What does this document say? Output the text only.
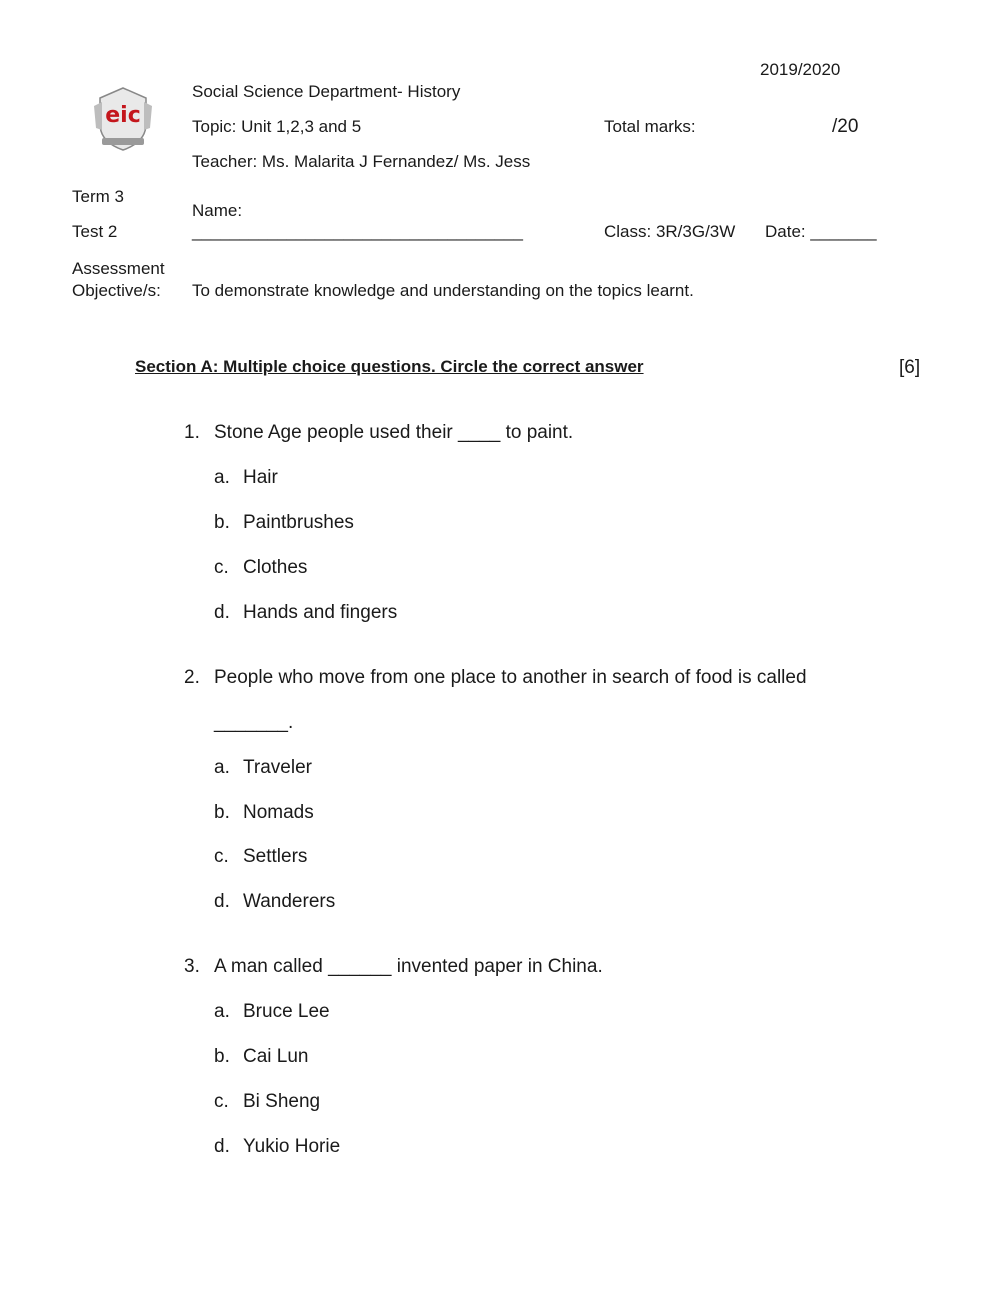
2019/2020
eic
Social Science Department- History
Topic: Unit 1,2,3 and 5	Total marks:	/20
Teacher: Ms. Malarita J Fernandez/ Ms. Jess
Term 3
Name:
Test 2	___________________________________	Class: 3R/3G/3W Date: _______
Assessment
Objective/s: To demonstrate knowledge and understanding on the topics learnt.
Section A: Multiple choice questions. Circle the correct answer	[6]
1. Stone Age people used their ____ to paint.
a. Hair
b. Paintbrushes
c. Clothes
d. Hands and fingers
2. People who move from one place to another in search of food is called
_______.
a. Traveler
b. Nomads
c. Settlers
d. Wanderers
3. A man called ______ invented paper in China.
a. Bruce Lee
b. Cai Lun
c. Bi Sheng
d. Yukio Horie
